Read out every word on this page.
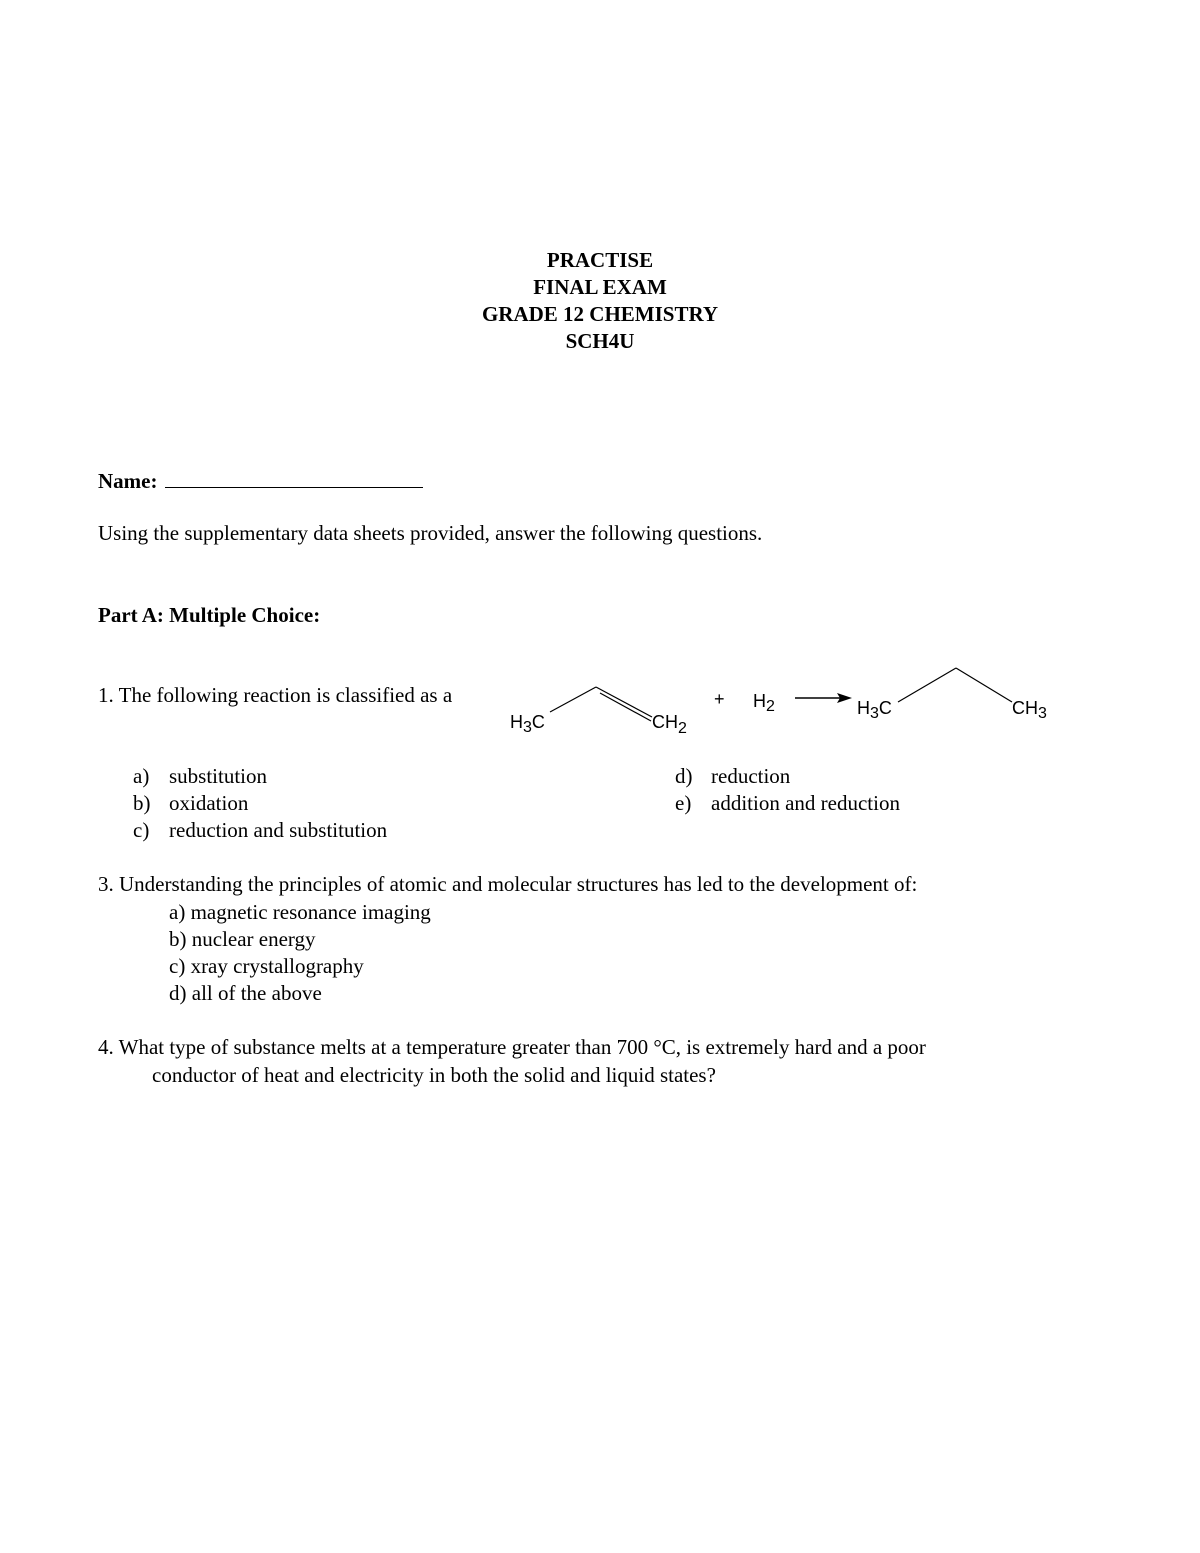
PRACTISE
FINAL EXAM
GRADE 12 CHEMISTRY
SCH4U
Name:
Using the supplementary data sheets provided, answer the following questions.
Part A: Multiple Choice:
1. The following reaction is classified as a
H3C	CH2
+ H2	H3C	CH3
a) substitution
b) oxidation
c) reduction and substitution
d) reduction
e) addition and reduction
3. Understanding the principles of atomic and molecular structures has led to the development of:
a) magnetic resonance imaging
b) nuclear energy
c) xray crystallography
d) all of the above
4. What type of substance melts at a temperature greater than 700 °C, is extremely hard and a poor
conductor of heat and electricity in both the solid and liquid states?
